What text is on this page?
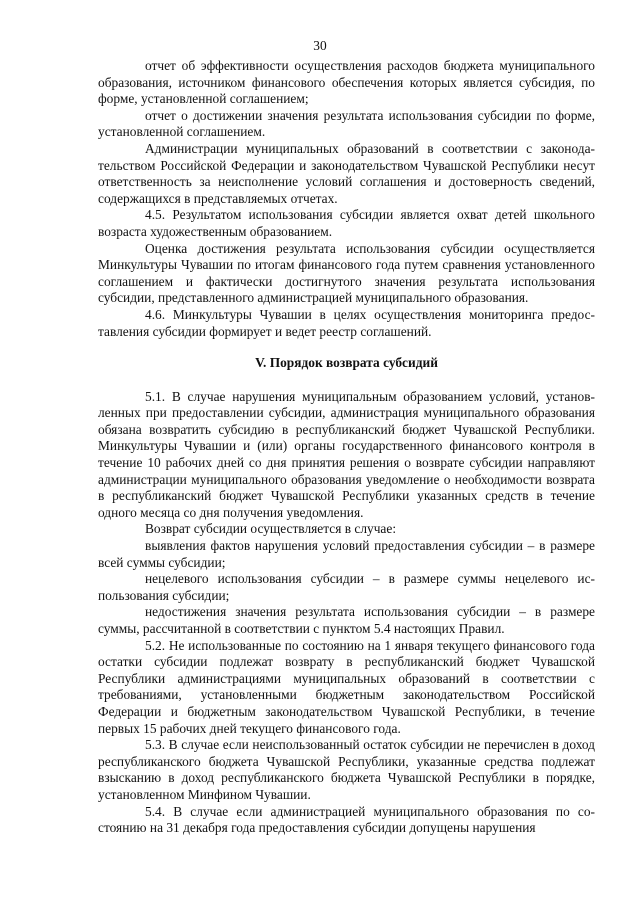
30

отчет об эффективности осуществления расходов бюджета муниципального образования, источником финансового обеспечения которых является субсидия, по форме, установленной соглашением;

отчет о достижении значения результата использования субсидии по форме, установленной соглашением.

Администрации муниципальных образований в соответствии с законодательством Российской Федерации и законодательством Чувашской Республики несут ответственность за неисполнение условий соглашения и достоверность сведений, содержащихся в представляемых отчетах.

4.5. Результатом использования субсидии является охват детей школьного возраста художественным образованием.

Оценка достижения результата использования субсидии осуществляется Минкультуры Чувашии по итогам финансового года путем сравнения установленного соглашением и фактически достигнутого значения результата использования субсидии, представленного администрацией муниципального образования.

4.6. Минкультуры Чувашии в целях осуществления мониторинга предоставления субсидии формирует и ведет реестр соглашений.

V. Порядок возврата субсидий

5.1. В случае нарушения муниципальным образованием условий, установленных при предоставлении субсидии, администрация муниципального образования обязана возвратить субсидию в республиканский бюджет Чувашской Республики. Минкультуры Чувашии и (или) органы государственного финансового контроля в течение 10 рабочих дней со дня принятия решения о возврате субсидии направляют администрации муниципального образования уведомление о необходимости возврата в республиканский бюджет Чувашской Республики указанных средств в течение одного месяца со дня получения уведомления.

Возврат субсидии осуществляется в случае:

выявления фактов нарушения условий предоставления субсидии – в размере всей суммы субсидии;

нецелевого использования субсидии – в размере суммы нецелевого использования субсидии;

недостижения значения результата использования субсидии – в размере суммы, рассчитанной в соответствии с пунктом 5.4 настоящих Правил.

5.2. Не использованные по состоянию на 1 января текущего финансового года остатки субсидии подлежат возврату в республиканский бюджет Чувашской Республики администрациями муниципальных образований в соответствии с требованиями, установленными бюджетным законодательством Российской Федерации и бюджетным законодательством Чувашской Республики, в течение первых 15 рабочих дней текущего финансового года.

5.3. В случае если неиспользованный остаток субсидии не перечислен в доход республиканского бюджета Чувашской Республики, указанные средства подлежат взысканию в доход республиканского бюджета Чувашской Республики в порядке, установленном Минфином Чувашии.

5.4. В случае если администрацией муниципального образования по состоянию на 31 декабря года предоставления субсидии допущены нарушения
